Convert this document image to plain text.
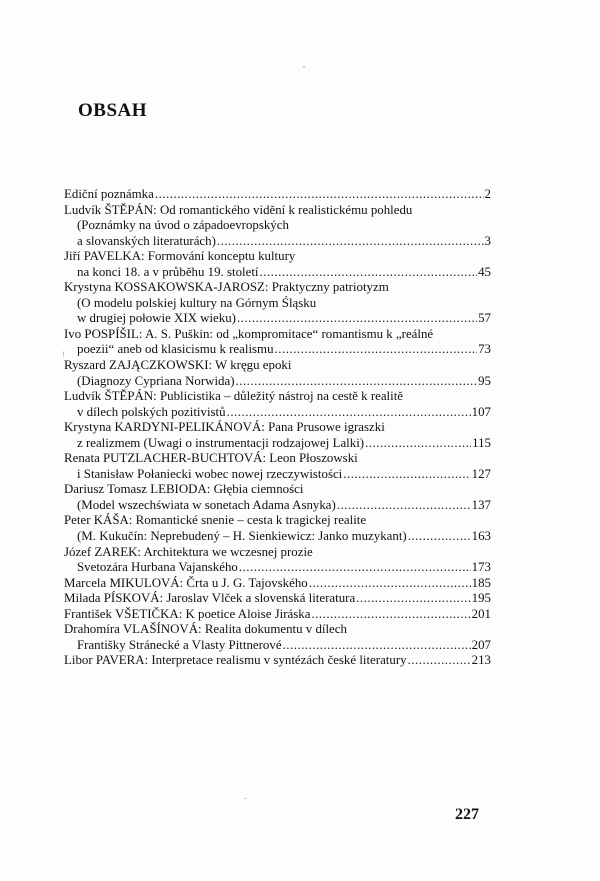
OBSAH
Ediční poznámka .....	2
Ludvík ŠTĚPÁN: Od romantického vidění k realistickému pohledu
(Poznámky na úvod o západoevropských
a slovanských literaturách) .....	3
Jiří PAVELKA: Formování konceptu kultury
na konci 18. a v průběhu 19. století .....	45
Krystyna KOSSAKOWSKA-JAROSZ: Praktyczny patriotyzm
(O modelu polskiej kultury na Górnym Śląsku
w drugiej połowie XIX wieku) .....	57
Ivo POSPÍŠIL: A. S. Puškin: od „kompromitace“ romantismu k „reálné
poezii“ aneb od klasicismu k realismu .....	73
Ryszard ZAJĄCZKOWSKI: W kręgu epoki
(Diagnozy Cypriana Norwida) .....	95
Ludvík ŠTĚPÁN: Publicistika – důležitý nástroj na cestě k realitě
v dílech polských pozitivistů .....	107
Krystyna KARDYNI-PELIKÁNOVÁ: Pana Prusowe igraszki
z realizmem (Uwagi o instrumentacji rodzajowej Lalki) .....	115
Renata PUTZLACHER-BUCHTOVÁ: Leon Płoszowski
i Stanisław Połaniecki wobec nowej rzeczywistości .....	127
Dariusz Tomasz LEBIODA: Głębia ciemności
(Model wszechświata w sonetach Adama Asnyka) .....	137
Peter KÁŠA: Romantické snenie – cesta k tragickej realite
(M. Kukučín: Neprebudený – H. Sienkiewicz: Janko muzykant) .....	163
Józef ZAREK: Architektura we wczesnej prozie
Svetozára Hurbana Vajanského .....	173
Marcela MIKULOVÁ: Črta u J. G. Tajovského .....	185
Milada PÍSKOVÁ: Jaroslav Vlček a slovenská literatura .....	195
František VŠETIČKA: K poetice Aloise Jiráska .....	201
Drahomíra VLAŠÍNOVÁ: Realita dokumentu v dílech
Františky Stránecké a Vlasty Pittnerové .....	207
Libor PAVERA: Interpretace realismu v syntézách české literatury .....	213
227
